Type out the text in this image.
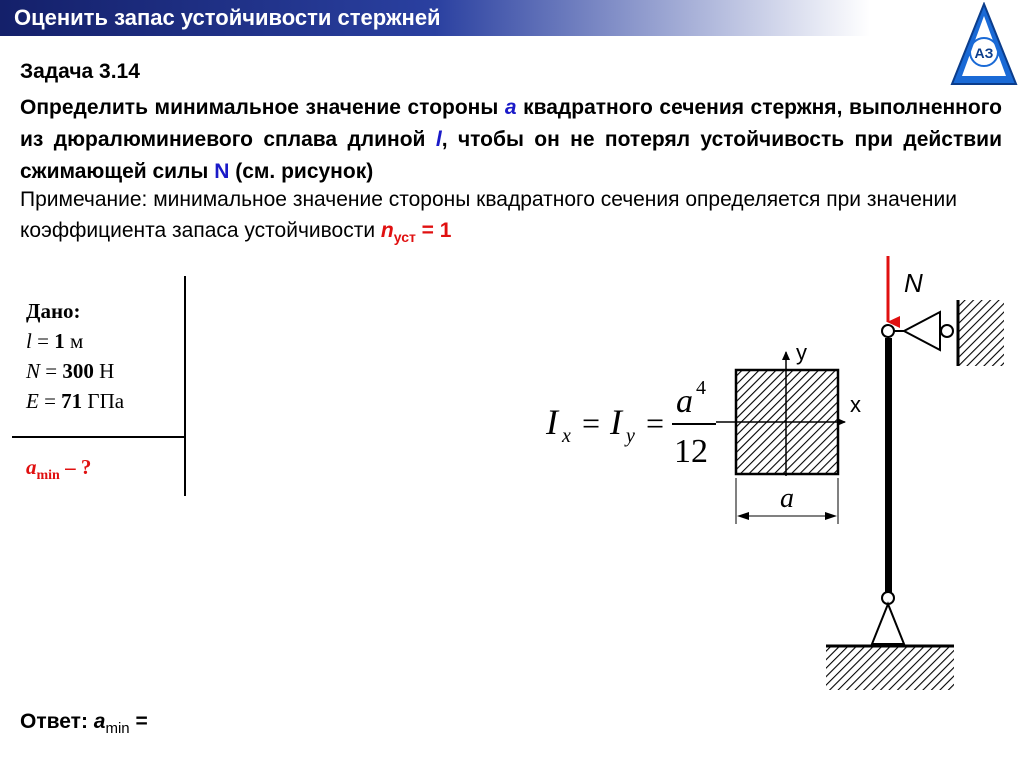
Оценить запас устойчивости стержней
АЗ
Задача 3.14
Определить минимальное значение стороны a квадратного сечения стержня, выполненного из дюралюминиевого сплава длиной l, чтобы он не потерял устойчивость при действии сжимающей силы N (см. рисунок)
Примечание: минимальное значение стороны квадратного сечения определяется при значении коэффициента запаса устойчивости $n_{уст} = 1$
Дано:
l = 1 м
N = 300 Н
E = 71 ГПа
$a_{min}$ – ?
I x = I y =
a 4
12
y
x
a
N
Ответ: $a_{min}$ =
